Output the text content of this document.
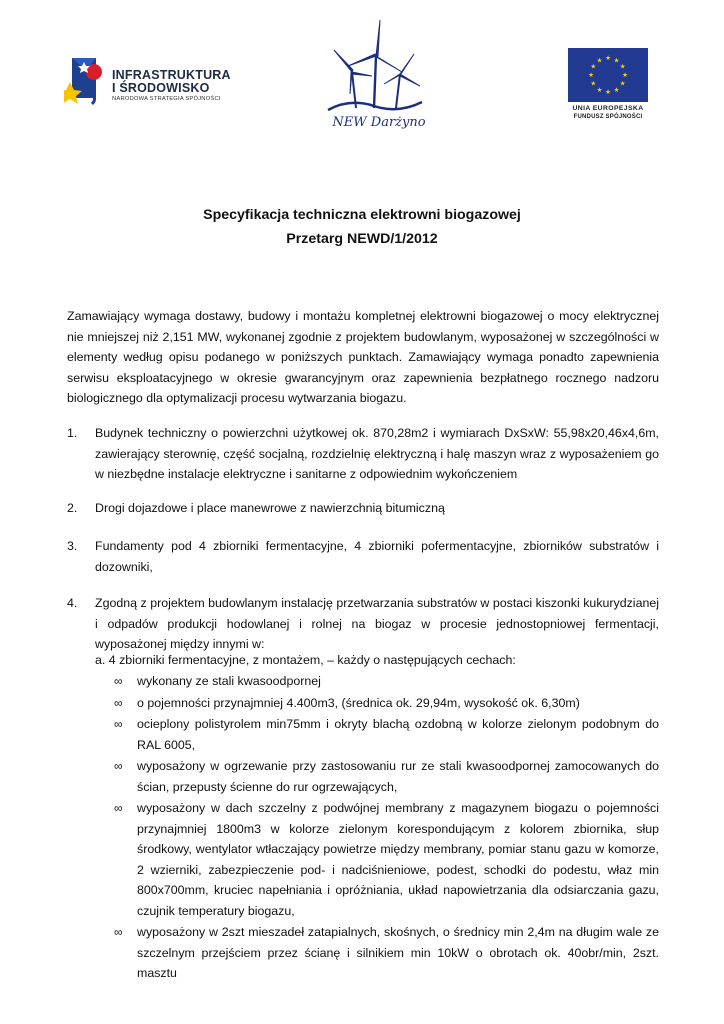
INFRASTRUKTURA
I ŚRODOWISKO
NARODOWA STRATEGIA SPÓJNOŚCI
NEW Darżyno
★
★
★
★
★
★
★
★
★ ★ ★
★
UNIA EUROPEJSKA
FUNDUSZ SPÓJNOŚCI
Specyfikacja techniczna elektrowni biogazowej
Przetarg NEWD/1/2012
Zamawiający wymaga dostawy, budowy i montażu kompletnej elektrowni biogazowej o mocy elektrycznej nie mniejszej niż 2,151 MW, wykonanej zgodnie z projektem budowlanym, wyposażonej w szczególności w elementy według opisu podanego w poniższych punktach. Zamawiający wymaga ponadto zapewnienia serwisu eksploatacyjnego w okresie gwarancyjnym oraz zapewnienia bezpłatnego rocznego nadzoru biologicznego dla optymalizacji procesu wytwarzania biogazu.
1. Budynek techniczny o powierzchni użytkowej ok. 870,28m2 i wymiarach DxSxW: 55,98x20,46x4,6m, zawierający sterownię, część socjalną, rozdzielnię elektryczną i halę maszyn wraz z wyposażeniem go w niezbędne instalacje elektryczne i sanitarne z odpowiednim wykończeniem
2. Drogi dojazdowe i place manewrowe z nawierzchnią bitumiczną
3. Fundamenty pod 4 zbiorniki fermentacyjne, 4 zbiorniki pofermentacyjne, zbiorników substratów i dozowniki,
4. Zgodną z projektem budowlanym instalację przetwarzania substratów w postaci kiszonki kukurydzianej i odpadów produkcji hodowlanej i rolnej na biogaz w procesie jednostopniowej fermentacji, wyposażonej między innymi w:
a. 4 zbiorniki fermentacyjne, z montażem, – każdy o następujących cechach:
∞ wykonany ze stali kwasoodpornej
∞ o pojemności przynajmniej 4.400m3, (średnica ok. 29,94m, wysokość ok. 6,30m)
∞ ocieplony polistyrolem min75mm i okryty blachą ozdobną w kolorze zielonym podobnym do RAL 6005,
∞ wyposażony w ogrzewanie przy zastosowaniu rur ze stali kwasoodpornej zamocowanych do ścian, przepusty ścienne do rur ogrzewających,
∞ wyposażony w dach szczelny z podwójnej membrany z magazynem biogazu o pojemności przynajmniej 1800m3 w kolorze zielonym korespondującym z kolorem zbiornika, słup środkowy, wentylator wtłaczający powietrze między membrany, pomiar stanu gazu w komorze, 2 wzierniki, zabezpieczenie pod- i nadciśnieniowe, podest, schodki do podestu, właz min 800x700mm, kruciec napełniania i opróżniania, układ napowietrzania dla odsiarczania gazu, czujnik temperatury biogazu,
∞ wyposażony w 2szt mieszadeł zatapialnych, skośnych, o średnicy min 2,4m na długim wale ze szczelnym przejściem przez ścianę i silnikiem min 10kW o obrotach ok. 40obr/min, 2szt. masztu
